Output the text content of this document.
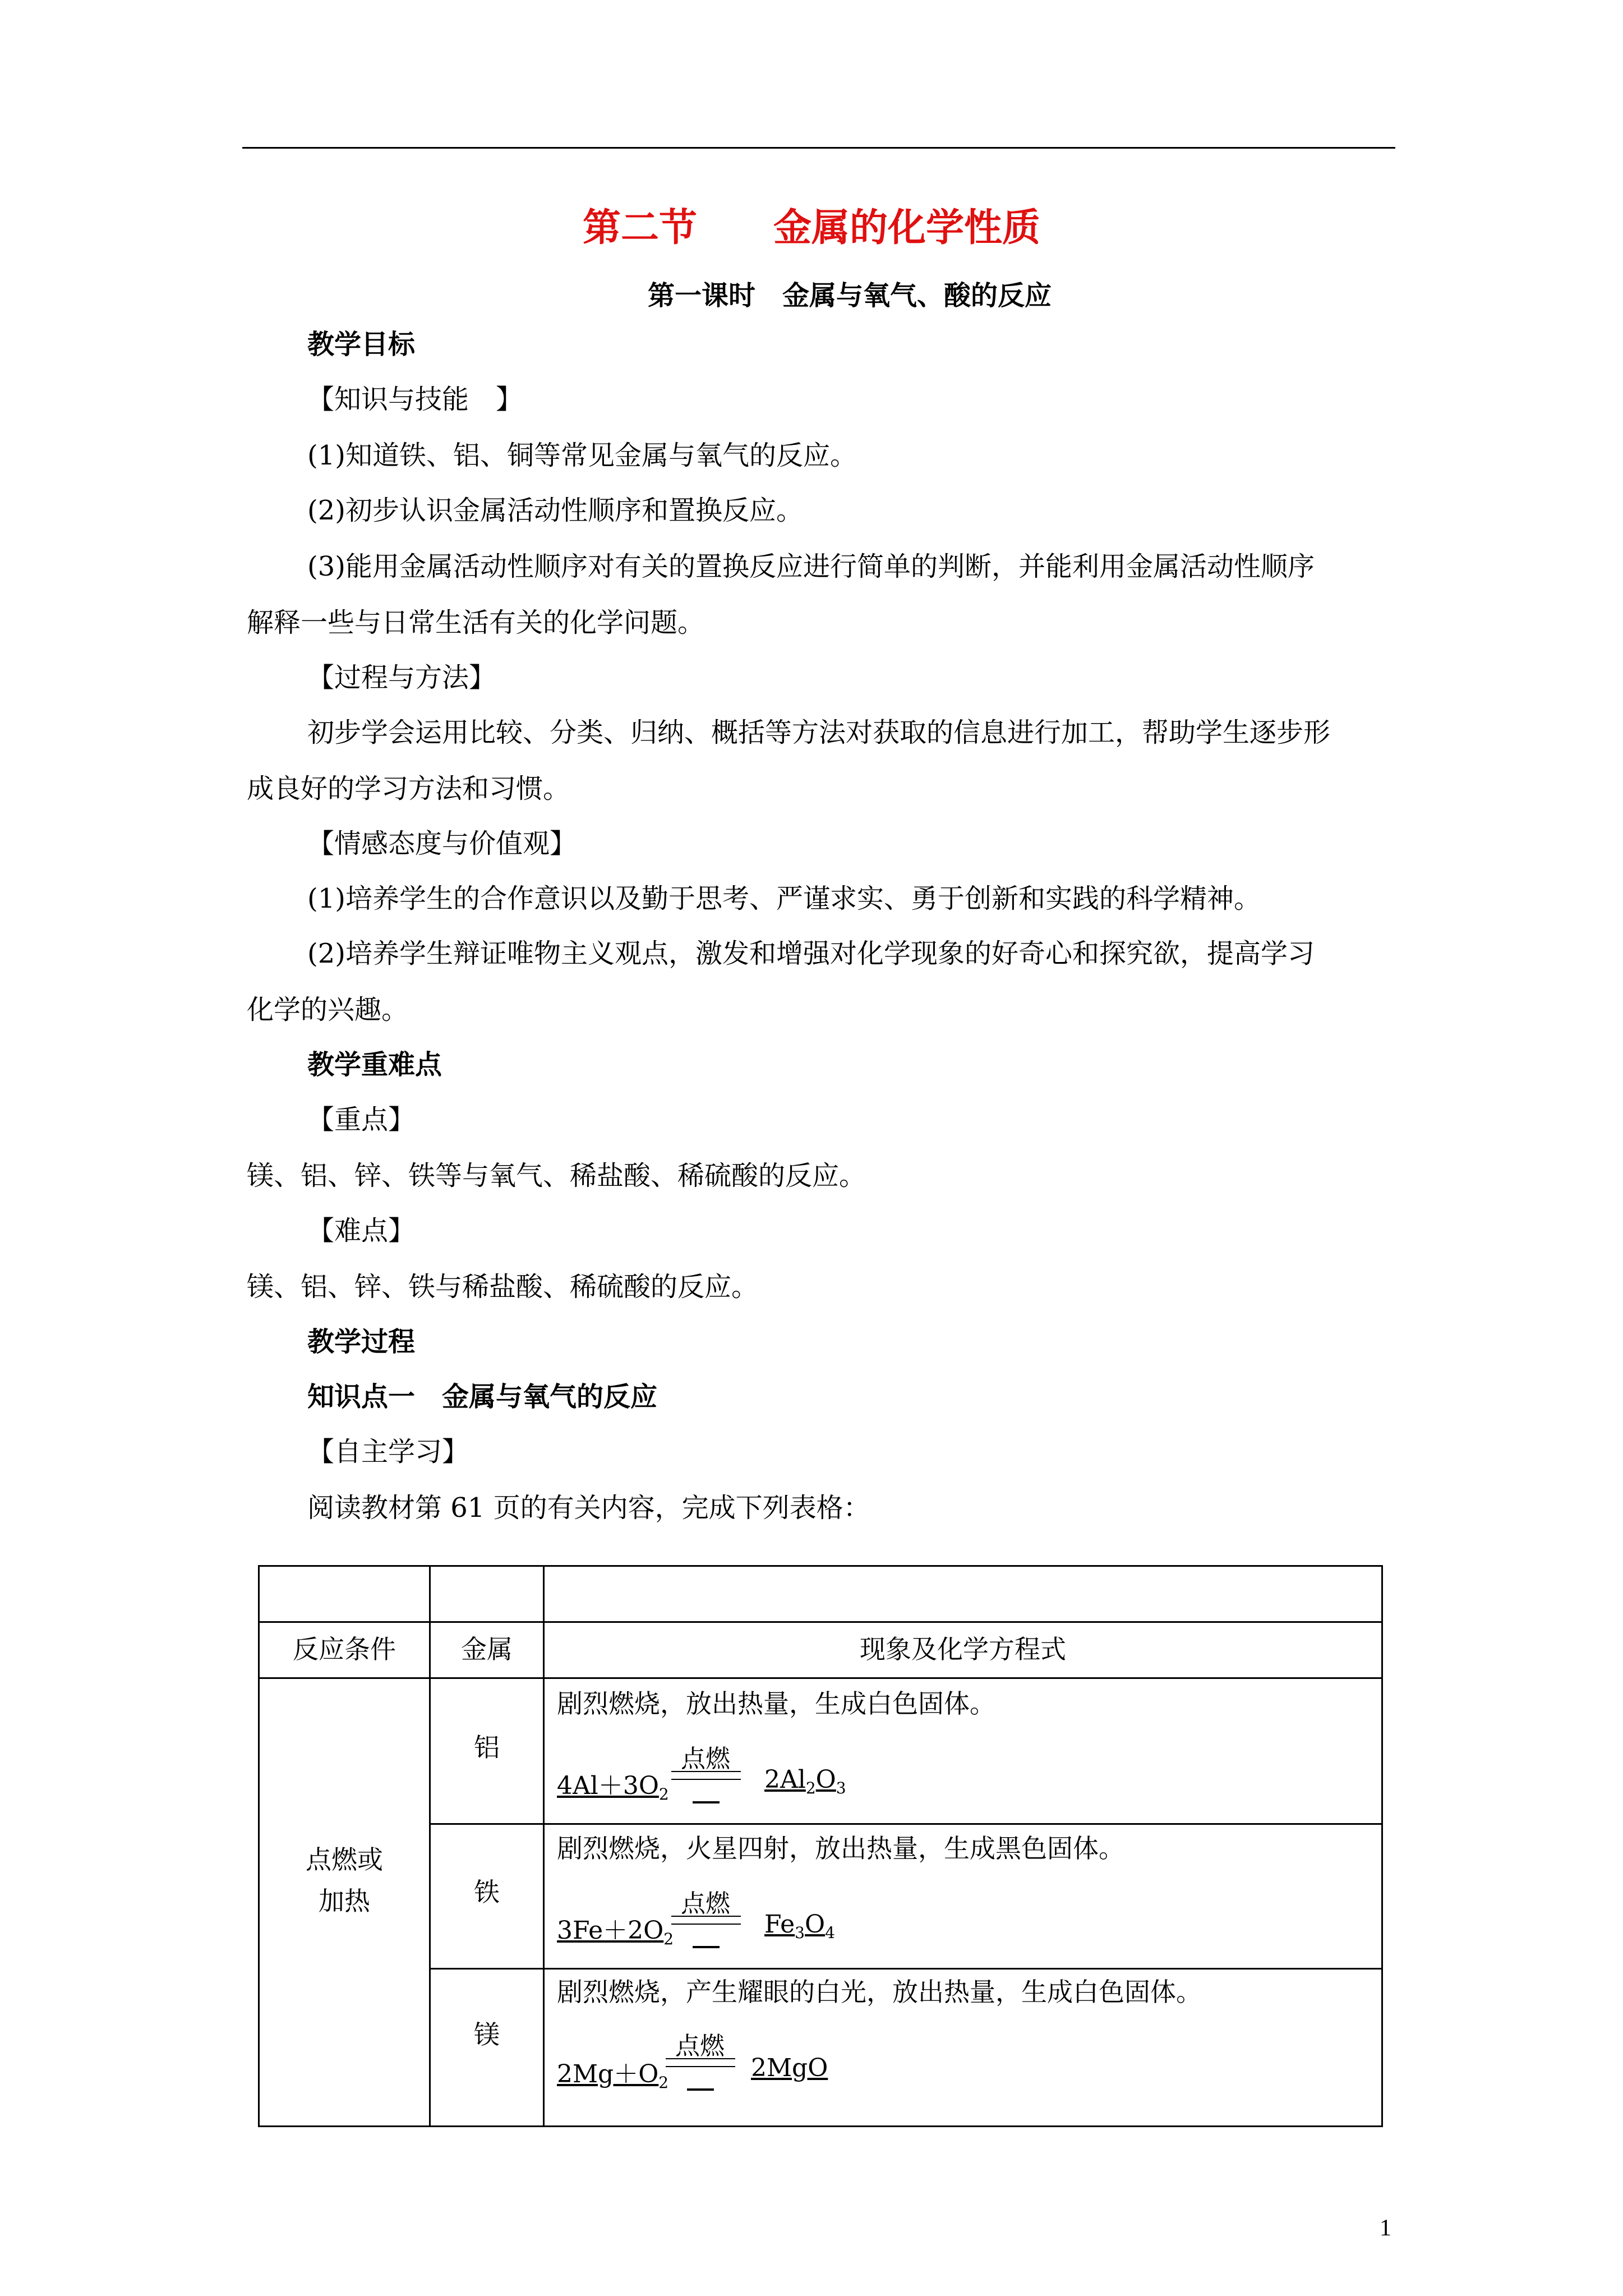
第二节　　金属的化学性质
第一课时　金属与氧气、酸的反应
教学目标
【知识与技能　】
(1)知道铁、铝、铜等常见金属与氧气的反应。
(2)初步认识金属活动性顺序和置换反应。
(3)能用金属活动性顺序对有关的置换反应进行简单的判断，并能利用金属活动性顺序
解释一些与日常生活有关的化学问题。
【过程与方法】
初步学会运用比较、分类、归纳、概括等方法对获取的信息进行加工，帮助学生逐步形
成良好的学习方法和习惯。
【情感态度与价值观】
(1)培养学生的合作意识以及勤于思考、严谨求实、勇于创新和实践的科学精神。
(2)培养学生辩证唯物主义观点，激发和增强对化学现象的好奇心和探究欲，提高学习
化学的兴趣。
教学重难点
【重点】
镁、铝、锌、铁等与氧气、稀盐酸、稀硫酸的反应。
【难点】
镁、铝、锌、铁与稀盐酸、稀硫酸的反应。
教学过程
知识点一　金属与氧气的反应
【自主学习】
阅读教材第 61 页的有关内容，完成下列表格：
反应条件	金属	现象及化学方程式
点燃或
加热
铝
剧烈燃烧，放出热量，生成白色固体。
$4Al+3O_2$
点燃
$2Al_2O_3$
铁
剧烈燃烧，火星四射，放出热量，生成黑色固体。
$3Fe+2O_2$
点燃
$Fe_3O_4$
镁
剧烈燃烧，产生耀眼的白光，放出热量，生成白色固体。
$2Mg+O_2$
点燃
2MgO
1
